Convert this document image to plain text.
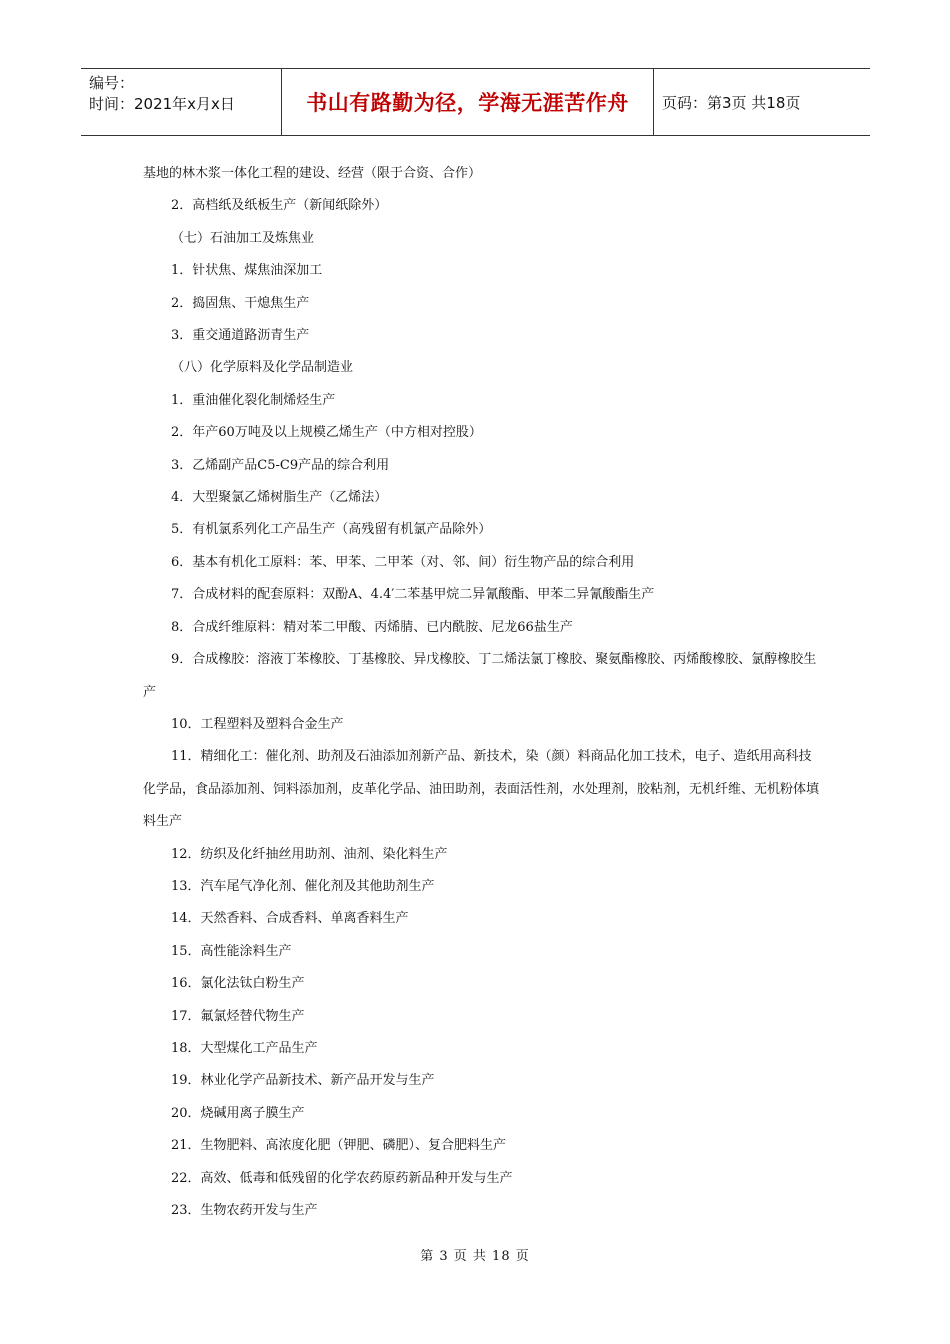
编号：
时间：2021年x月x日	书山有路勤为径，学海无涯苦作舟	页码：第3页 共18页

基地的林木浆一体化工程的建设、经营（限于合资、合作）

2．高档纸及纸板生产（新闻纸除外）

（七）石油加工及炼焦业

1．针状焦、煤焦油深加工

2．捣固焦、干熄焦生产

3．重交通道路沥青生产

（八）化学原料及化学品制造业

1．重油催化裂化制烯烃生产

2．年产60万吨及以上规模乙烯生产（中方相对控股）

3．乙烯副产品C5-C9产品的综合利用

4．大型聚氯乙烯树脂生产（乙烯法）

5．有机氯系列化工产品生产（高残留有机氯产品除外）

6．基本有机化工原料：苯、甲苯、二甲苯（对、邻、间）衍生物产品的综合利用

7．合成材料的配套原料：双酚A、4.4′二苯基甲烷二异氰酸酯、甲苯二异氰酸酯生产

8．合成纤维原料：精对苯二甲酸、丙烯腈、已内酰胺、尼龙66盐生产

9．合成橡胶：溶液丁苯橡胶、丁基橡胶、异戊橡胶、丁二烯法氯丁橡胶、聚氨酯橡胶、丙烯酸橡胶、氯醇橡胶生产

10．工程塑料及塑料合金生产

11．精细化工：催化剂、助剂及石油添加剂新产品、新技术，染（颜）料商品化加工技术，电子、造纸用高科技化学品，食品添加剂、饲料添加剂，皮革化学品、油田助剂，表面活性剂，水处理剂，胶粘剂，无机纤维、无机粉体填料生产

12．纺织及化纤抽丝用助剂、油剂、染化料生产

13．汽车尾气净化剂、催化剂及其他助剂生产

14．天然香料、合成香料、单离香料生产

15．高性能涂料生产

16．氯化法钛白粉生产

17．氟氯烃替代物生产

18．大型煤化工产品生产

19．林业化学产品新技术、新产品开发与生产

20．烧碱用离子膜生产

21．生物肥料、高浓度化肥（钾肥、磷肥）、复合肥料生产

22．高效、低毒和低残留的化学农药原药新品种开发与生产

23．生物农药开发与生产

第 3 页 共 18 页
